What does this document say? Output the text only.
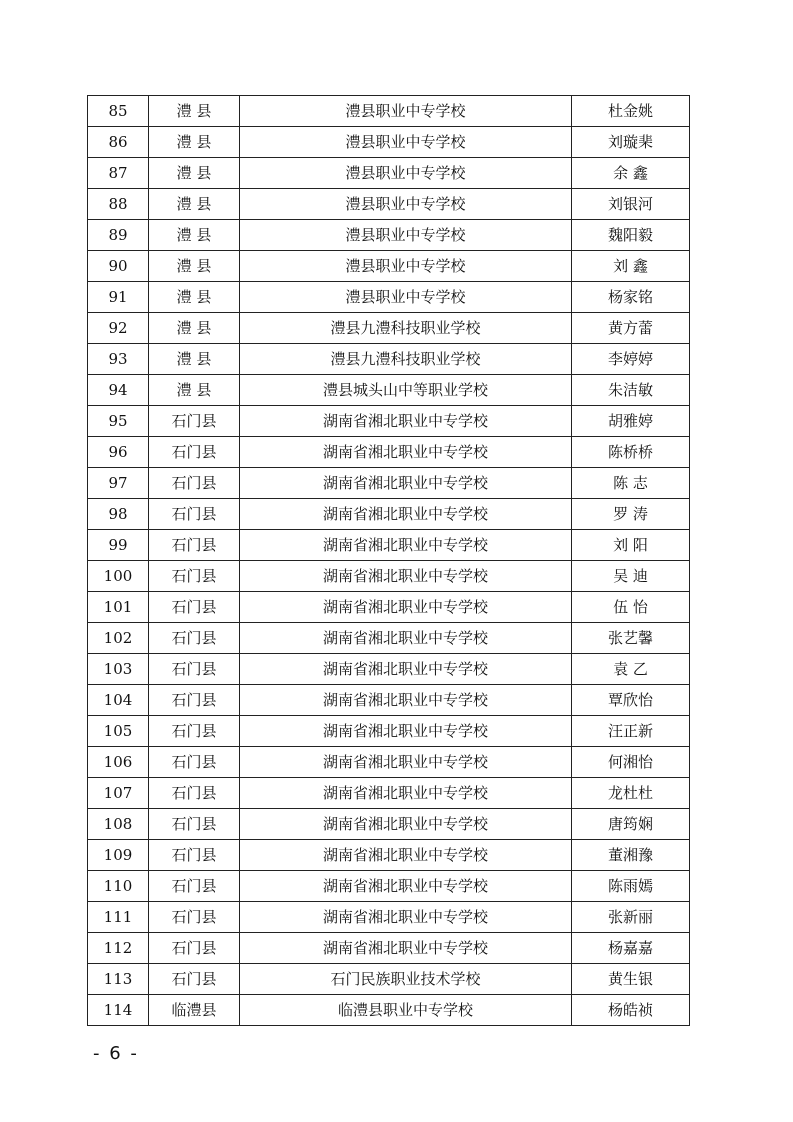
85	澧 县	澧县职业中专学校	杜金姚
86	澧 县	澧县职业中专学校	刘璇棐
87	澧 县	澧县职业中专学校	余 鑫
88	澧 县	澧县职业中专学校	刘银河
89	澧 县	澧县职业中专学校	魏阳毅
90	澧 县	澧县职业中专学校	刘 鑫
91	澧 县	澧县职业中专学校	杨家铭
92	澧 县	澧县九澧科技职业学校	黄方蕾
93	澧 县	澧县九澧科技职业学校	李婷婷
94	澧 县	澧县城头山中等职业学校	朱洁敏
95	石门县	湖南省湘北职业中专学校	胡雅婷
96	石门县	湖南省湘北职业中专学校	陈桥桥
97	石门县	湖南省湘北职业中专学校	陈 志
98	石门县	湖南省湘北职业中专学校	罗 涛
99	石门县	湖南省湘北职业中专学校	刘 阳
100	石门县	湖南省湘北职业中专学校	吴 迪
101	石门县	湖南省湘北职业中专学校	伍 怡
102	石门县	湖南省湘北职业中专学校	张艺馨
103	石门县	湖南省湘北职业中专学校	袁 乙
104	石门县	湖南省湘北职业中专学校	覃欣怡
105	石门县	湖南省湘北职业中专学校	汪正新
106	石门县	湖南省湘北职业中专学校	何湘怡
107	石门县	湖南省湘北职业中专学校	龙杜杜
108	石门县	湖南省湘北职业中专学校	唐筠娴
109	石门县	湖南省湘北职业中专学校	董湘豫
110	石门县	湖南省湘北职业中专学校	陈雨嫣
111	石门县	湖南省湘北职业中专学校	张新丽
112	石门县	湖南省湘北职业中专学校	杨嘉嘉
113	石门县	石门民族职业技术学校	黄生银
114	临澧县	临澧县职业中专学校	杨皓祯
- 6 -
